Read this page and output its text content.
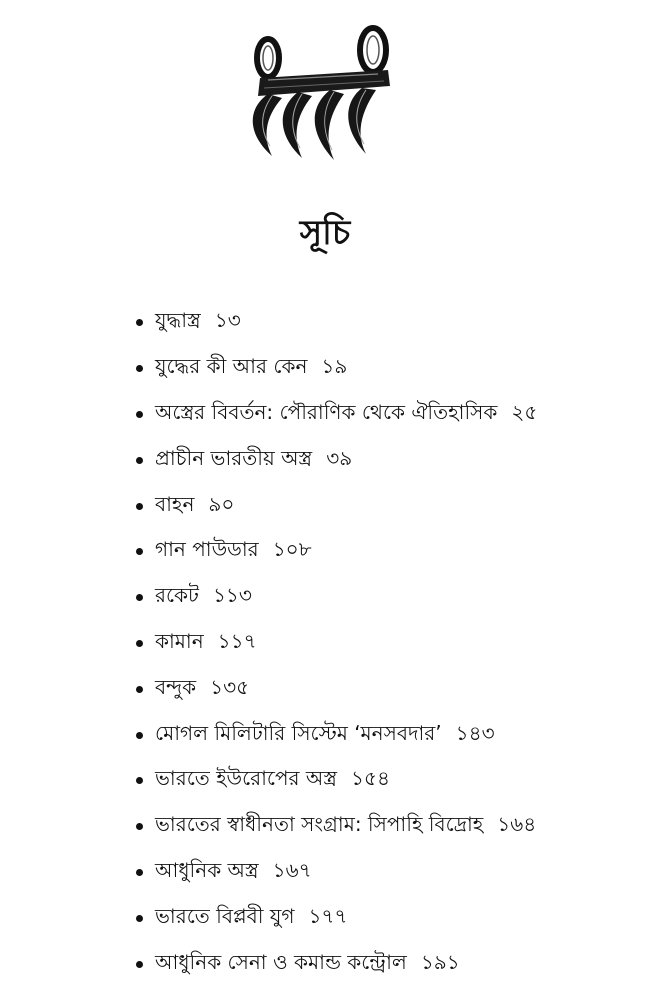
সূচি
যুদ্ধাস্ত্র ১৩
যুদ্ধের কী আর কেন ১৯
অস্ত্রের বিবর্তন: পৌরাণিক থেকে ঐতিহাসিক ২৫
প্রাচীন ভারতীয় অস্ত্র ৩৯
বাহন ৯০
গান পাউডার ১০৮
রকেট ১১৩
কামান ১১৭
বন্দুক ১৩৫
মোগল মিলিটারি সিস্টেম ‘মনসবদার’ ১৪৩
ভারতে ইউরোপের অস্ত্র ১৫৪
ভারতের স্বাধীনতা সংগ্রাম: সিপাহি বিদ্রোহ ১৬৪
আধুনিক অস্ত্র ১৬৭
ভারতে বিপ্লবী যুগ ১৭৭
আধুনিক সেনা ও কমান্ড কন্ট্রোল ১৯১
